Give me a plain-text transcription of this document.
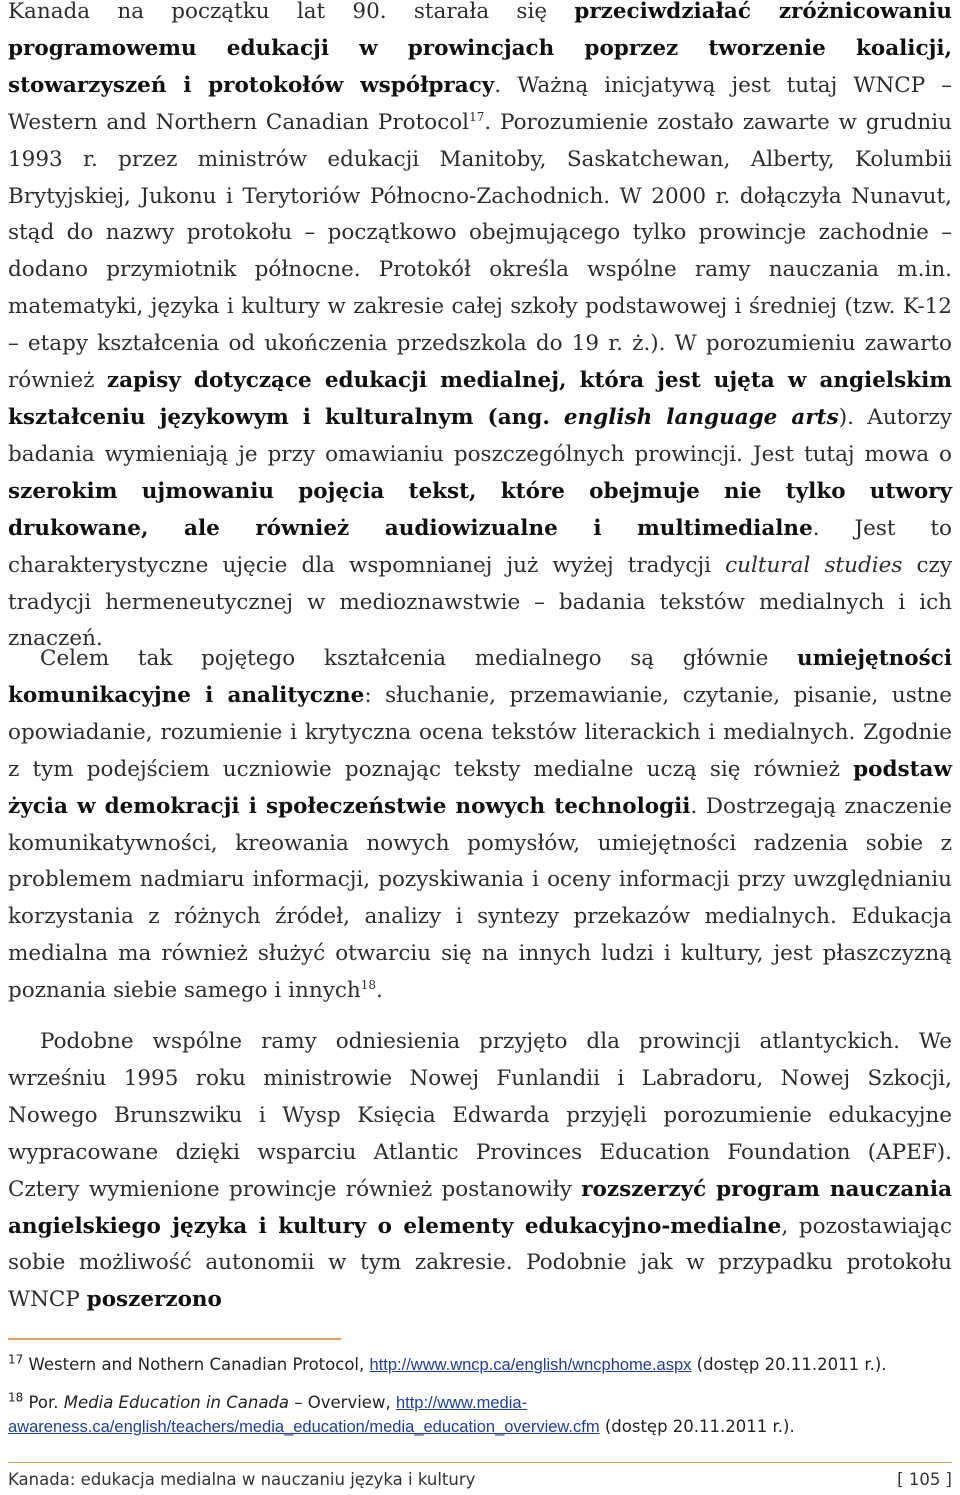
Kanada na początku lat 90. starała się przeciwdziałać zróżnicowaniu programowemu edukacji w prowincjach poprzez tworzenie koalicji, stowarzyszeń i protokołów współpracy. Ważną inicjatywą jest tutaj WNCP – Western and Northern Canadian Protocol$^{17}$. Porozumienie zostało zawarte w grudniu 1993 r. przez ministrów edukacji Manitoby, Saskatchewan, Alberty, Kolumbii Brytyjskiej, Jukonu i Terytoriów Północno-Zachodnich. W 2000 r. dołączyła Nunavut, stąd do nazwy protokołu – początkowo obejmującego tylko prowincje zachodnie – dodano przymiotnik północne. Protokół określa wspólne ramy nauczania m.in. matematyki, języka i kultury w zakresie całej szkoły podstawowej i średniej (tzw. K-12 – etapy kształcenia od ukończenia przedszkola do 19 r. ż.). W porozumieniu zawarto również zapisy dotyczące edukacji medialnej, która jest ujęta w angielskim kształceniu językowym i kulturalnym (ang. english language arts). Autorzy badania wymieniają je przy omawianiu poszczególnych prowincji. Jest tutaj mowa o szerokim ujmowaniu pojęcia tekst, które obejmuje nie tylko utwory drukowane, ale również audiowizualne i multimedialne. Jest to charakterystyczne ujęcie dla wspomnianej już wyżej tradycji cultural studies czy tradycji hermeneutycznej w medioznawstwie – badania tekstów medialnych i ich znaczeń.

Celem tak pojętego kształcenia medialnego są głównie umiejętności komunikacyjne i analityczne: słuchanie, przemawianie, czytanie, pisanie, ustne opowiadanie, rozumienie i krytyczna ocena tekstów literackich i medialnych. Zgodnie z tym podejściem uczniowie poznając teksty medialne uczą się również podstaw życia w demokracji i społeczeństwie nowych technologii. Dostrzegają znaczenie komunikatywności, kreowania nowych pomysłów, umiejętności radzenia sobie z problemem nadmiaru informacji, pozyskiwania i oceny informacji przy uwzględnianiu korzystania z różnych źródeł, analizy i syntezy przekazów medialnych. Edukacja medialna ma również służyć otwarciu się na innych ludzi i kultury, jest płaszczyzną poznania siebie samego i innych$^{18}$.

Podobne wspólne ramy odniesienia przyjęto dla prowincji atlantyckich. We wrześniu 1995 roku ministrowie Nowej Funlandii i Labradoru, Nowej Szkocji, Nowego Brunszwiku i Wysp Księcia Edwarda przyjęli porozumienie edukacyjne wypracowane dzięki wsparciu Atlantic Provinces Education Foundation (APEF). Cztery wymienione prowincje również postanowiły rozszerzyć program nauczania angielskiego języka i kultury o elementy edukacyjno-medialne, pozostawiając sobie możliwość autonomii w tym zakresie. Podobnie jak w przypadku protokołu WNCP poszerzono

$^{17}$ Western and Nothern Canadian Protocol, http://www.wncp.ca/english/wncphome.aspx (dostęp 20.11.2011 r.).

$^{18}$ Por. Media Education in Canada – Overview, http://www.media-awareness.ca/english/teachers/media_education/media_education_overview.cfm (dostęp 20.11.2011 r.).

Kanada: edukacja medialna w nauczaniu języka i kultury	[ 105 ]
